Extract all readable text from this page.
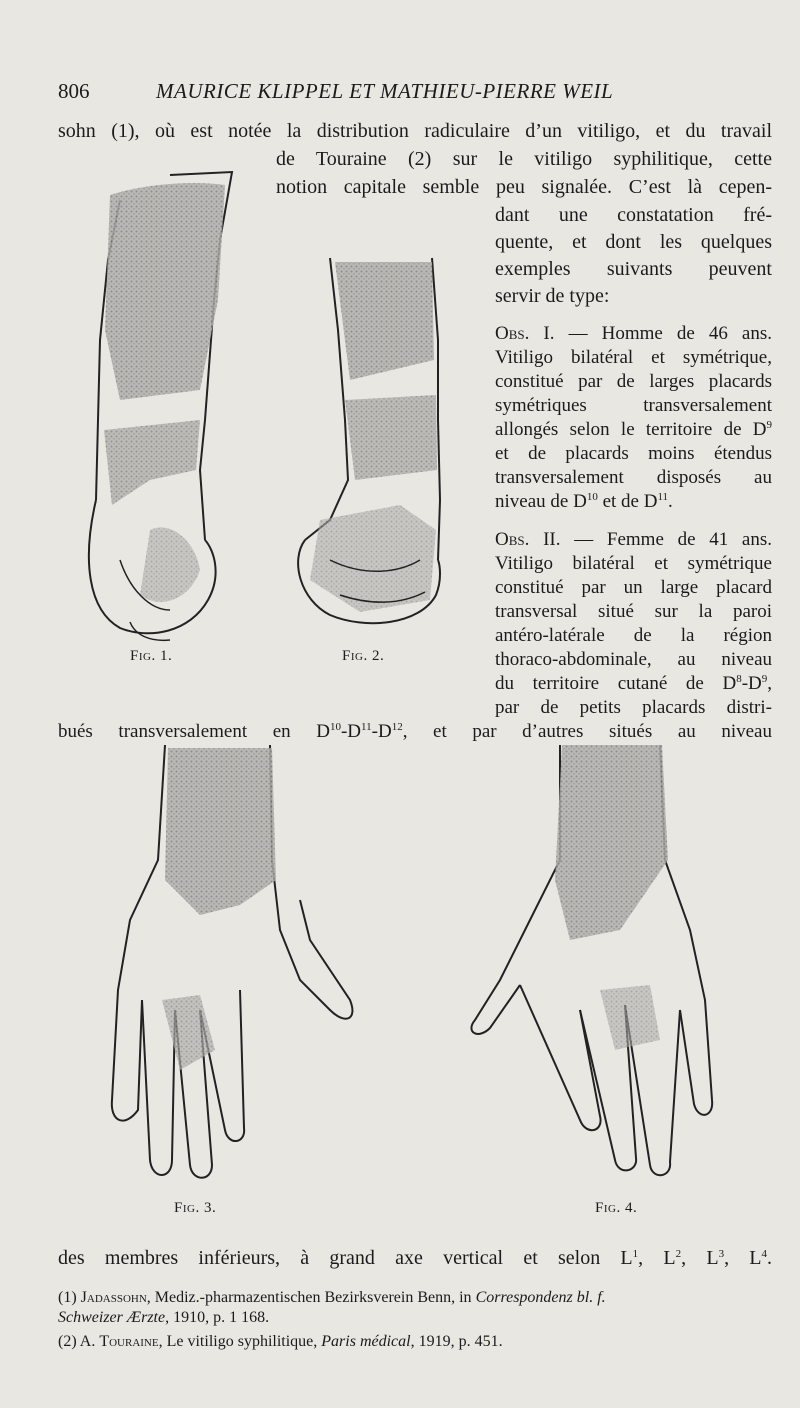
806	MAURICE KLIPPEL ET MATHIEU-PIERRE WEIL
sohn (1), où est notée la distribution radiculaire d’un vitiligo, et du travail
de Touraine (2) sur le vitiligo syphilitique, cette
notion capitale semble peu signalée. C’est là cepen-
dant une constatation fré-
quente, et dont les quelques
exemples suivants peuvent
servir de type:
Obs. I. — Homme de 46 ans.
Vitiligo bilatéral et symétrique,
constitué par de larges placards
symétriques transversalement
allongés selon le territoire de $D^9$
et de placards moins étendus
transversalement disposés au
niveau de $D^{10}$ et de $D^{11}$.
Obs. II. — Femme de 41 ans.
Vitiligo bilatéral et symétrique
constitué par un large placard
transversal situé sur la paroi
antéro-latérale de la région
thoraco-abdominale, au niveau
du territoire cutané de $D^8-D^9$,
par de petits placards distri-
bués transversalement en $D^{10}-D^{11}-D^{12}$, et par d’autres situés au niveau
Fig. 1.	Fig. 2.
Fig. 3.	Fig. 4.
des membres inférieurs, à grand axe vertical et selon $L^1$, $L^2$, $L^3$, $L^4$.
(1) Jadassohn, Mediz.-pharmazentischen Bezirksverein Benn, in Correspondenz bl. f.
Schweizer Ærzte, 1910, p. 1 168.
(2) A. Touraine, Le vitiligo syphilitique, Paris médical, 1919, p. 451.
